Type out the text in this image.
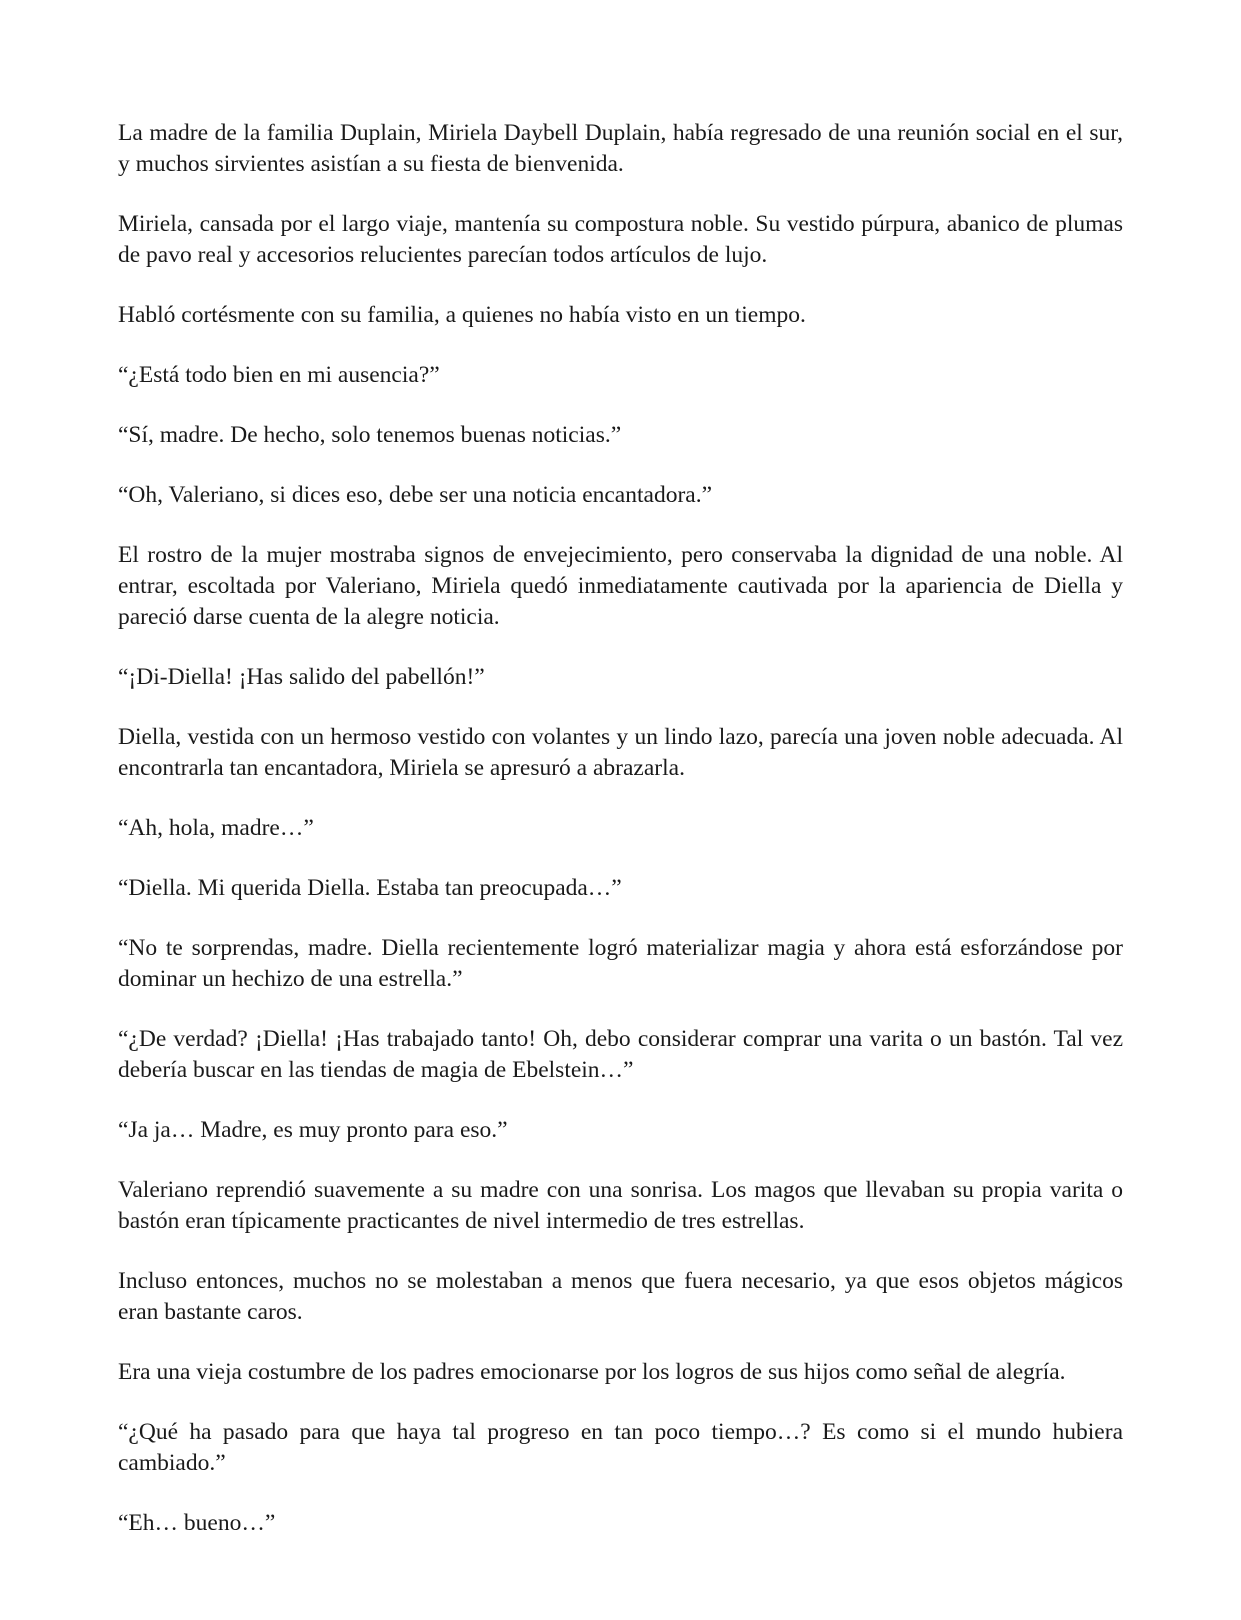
La madre de la familia Duplain, Miriela Daybell Duplain, había regresado de una reunión social en el sur, y muchos sirvientes asistían a su fiesta de bienvenida.

Miriela, cansada por el largo viaje, mantenía su compostura noble. Su vestido púrpura, abanico de plumas de pavo real y accesorios relucientes parecían todos artículos de lujo.

Habló cortésmente con su familia, a quienes no había visto en un tiempo.

“¿Está todo bien en mi ausencia?”

“Sí, madre. De hecho, solo tenemos buenas noticias.”

“Oh, Valeriano, si dices eso, debe ser una noticia encantadora.”

El rostro de la mujer mostraba signos de envejecimiento, pero conservaba la dignidad de una noble. Al entrar, escoltada por Valeriano, Miriela quedó inmediatamente cautivada por la apariencia de Diella y pareció darse cuenta de la alegre noticia.

“¡Di-Diella! ¡Has salido del pabellón!”

Diella, vestida con un hermoso vestido con volantes y un lindo lazo, parecía una joven noble adecuada. Al encontrarla tan encantadora, Miriela se apresuró a abrazarla.

“Ah, hola, madre…”

“Diella. Mi querida Diella. Estaba tan preocupada…”

“No te sorprendas, madre. Diella recientemente logró materializar magia y ahora está esforzándose por dominar un hechizo de una estrella.”

“¿De verdad? ¡Diella! ¡Has trabajado tanto! Oh, debo considerar comprar una varita o un bastón. Tal vez debería buscar en las tiendas de magia de Ebelstein…”

“Ja ja… Madre, es muy pronto para eso.”

Valeriano reprendió suavemente a su madre con una sonrisa. Los magos que llevaban su propia varita o bastón eran típicamente practicantes de nivel intermedio de tres estrellas.

Incluso entonces, muchos no se molestaban a menos que fuera necesario, ya que esos objetos mágicos eran bastante caros.

Era una vieja costumbre de los padres emocionarse por los logros de sus hijos como señal de alegría.

“¿Qué ha pasado para que haya tal progreso en tan poco tiempo…? Es como si el mundo hubiera cambiado.”

“Eh… bueno…”
